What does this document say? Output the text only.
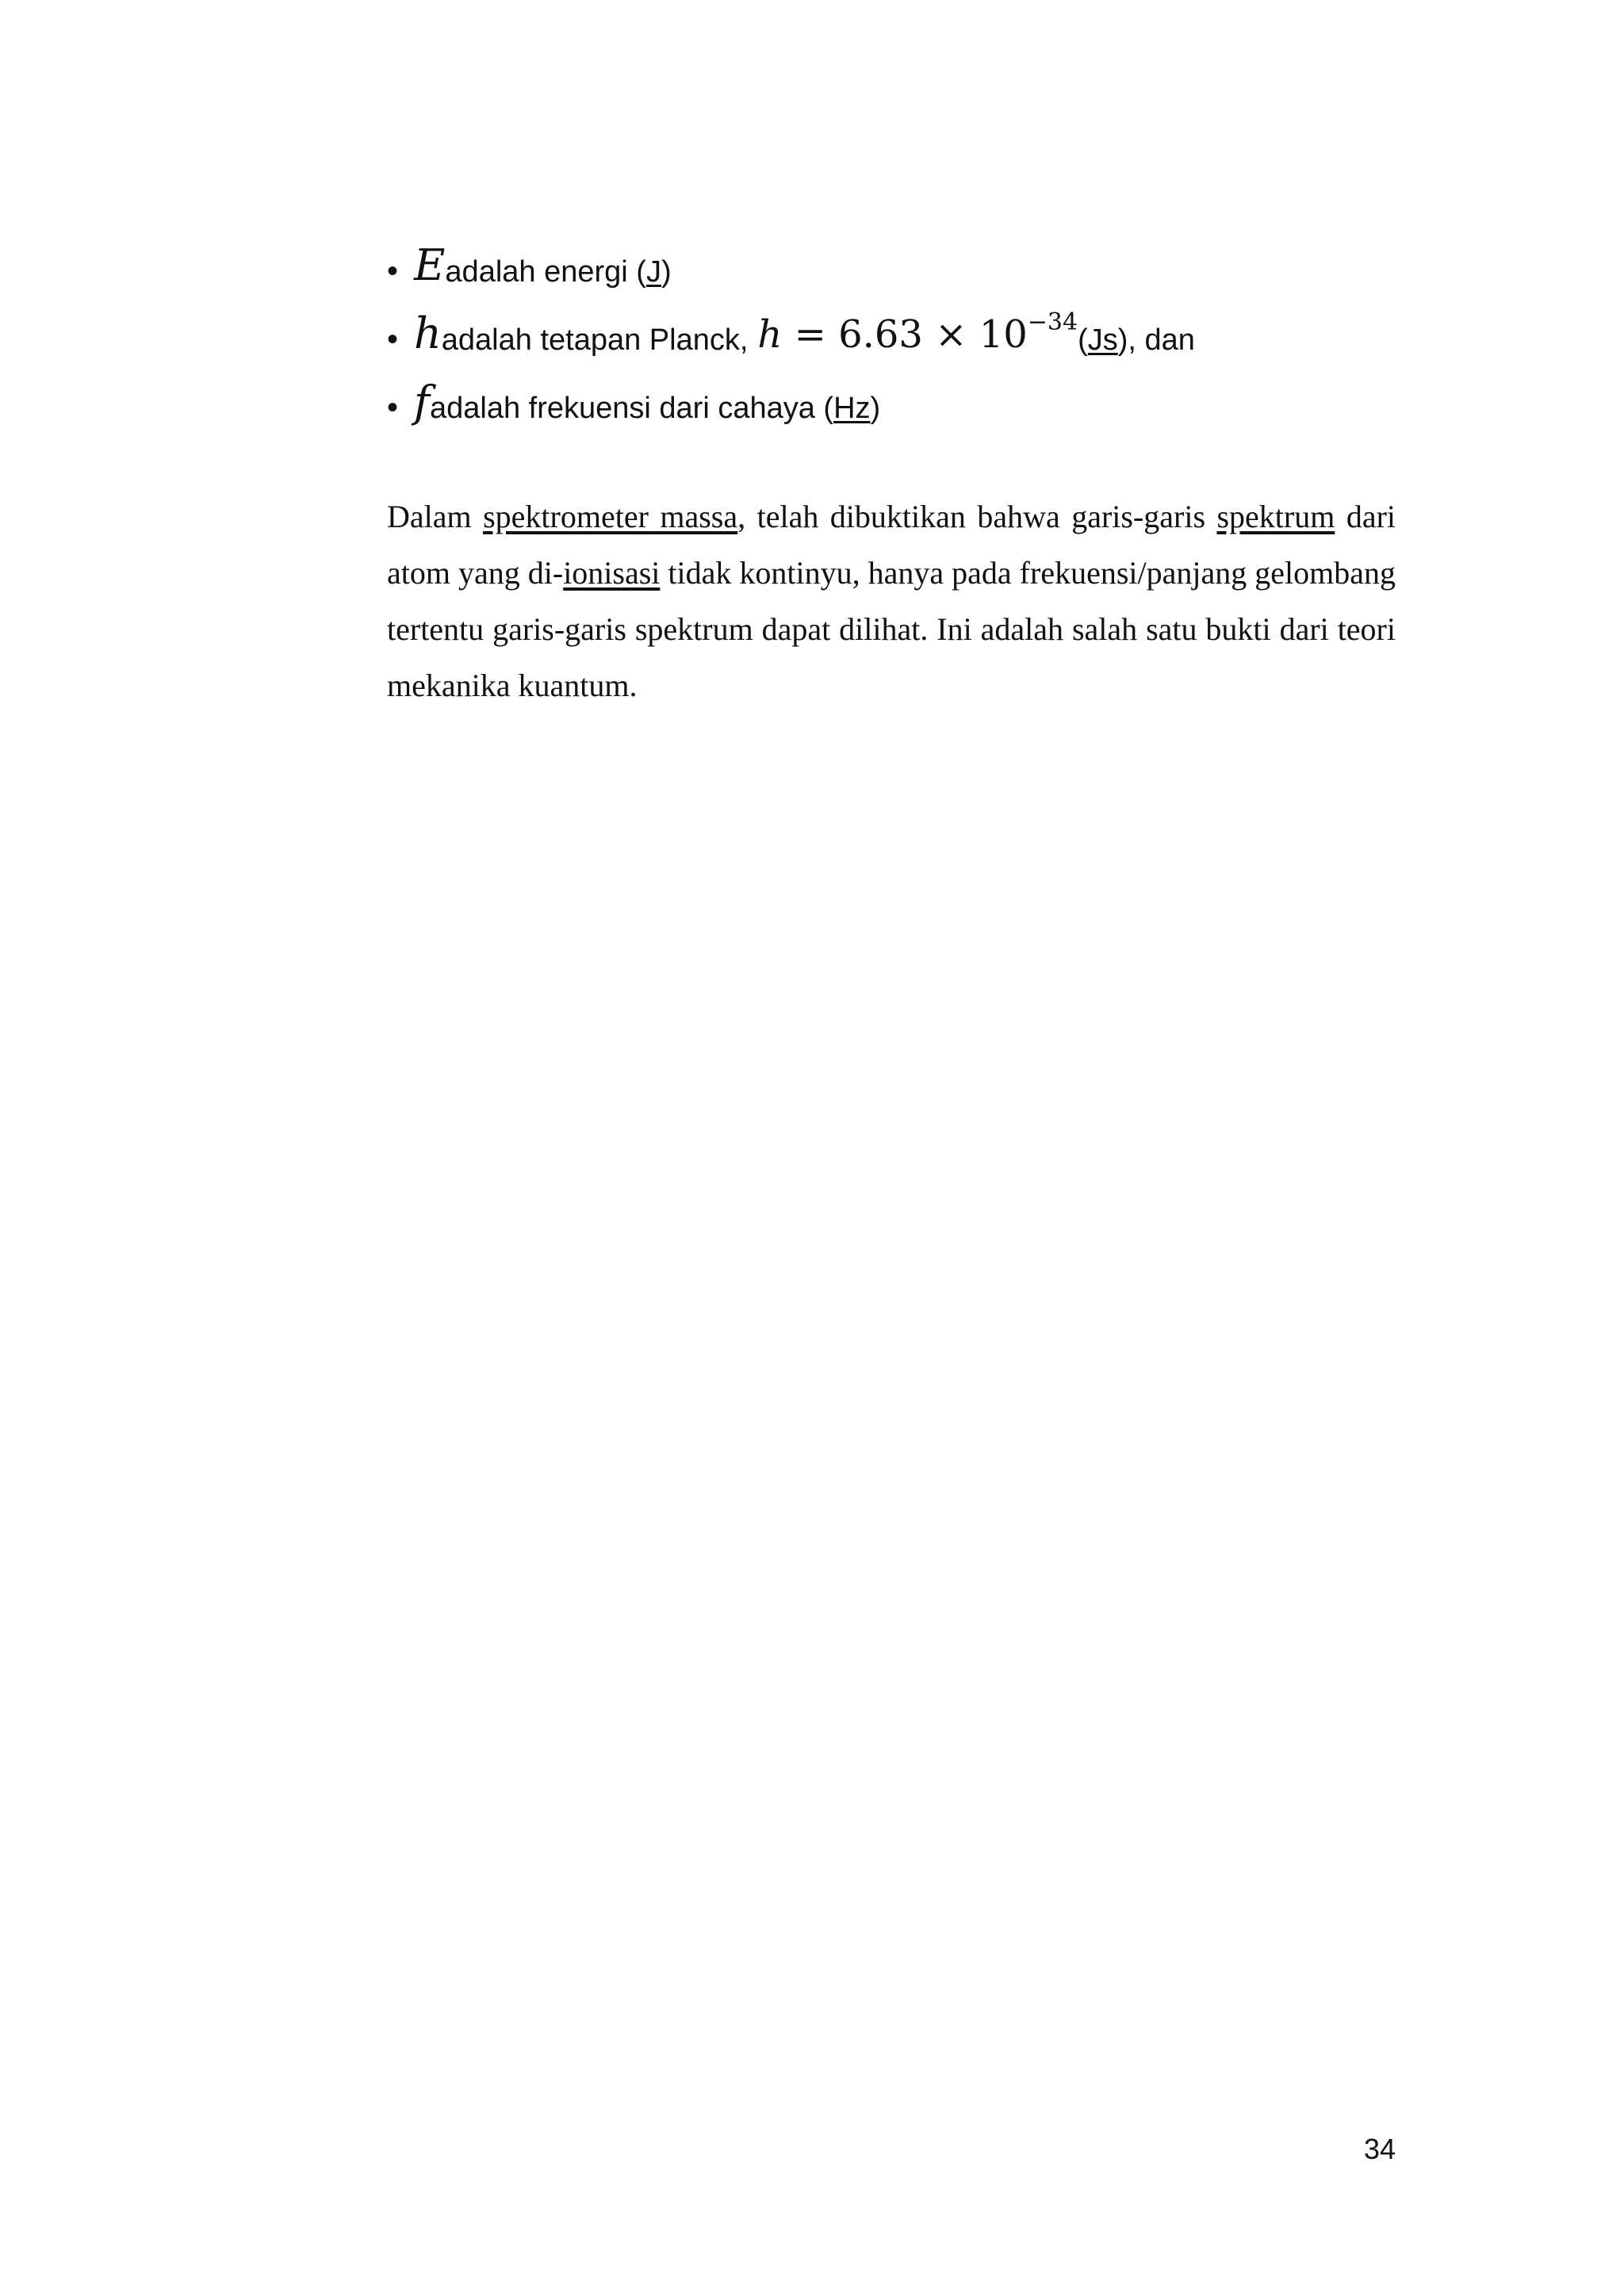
• E adalah energi ( J )
• h adalah tetapan Planck, $h = 6.63 \times 10^{-34}$
( Js ), dan
• f adalah frekuensi dari cahaya ( Hz )

Dalam spektrometer massa, telah dibuktikan bahwa garis-garis spektrum dari atom yang di-ionisasi tidak kontinyu, hanya pada frekuensi/panjang gelombang tertentu garis-garis spektrum dapat dilihat. Ini adalah salah satu bukti dari teori mekanika kuantum.

34
